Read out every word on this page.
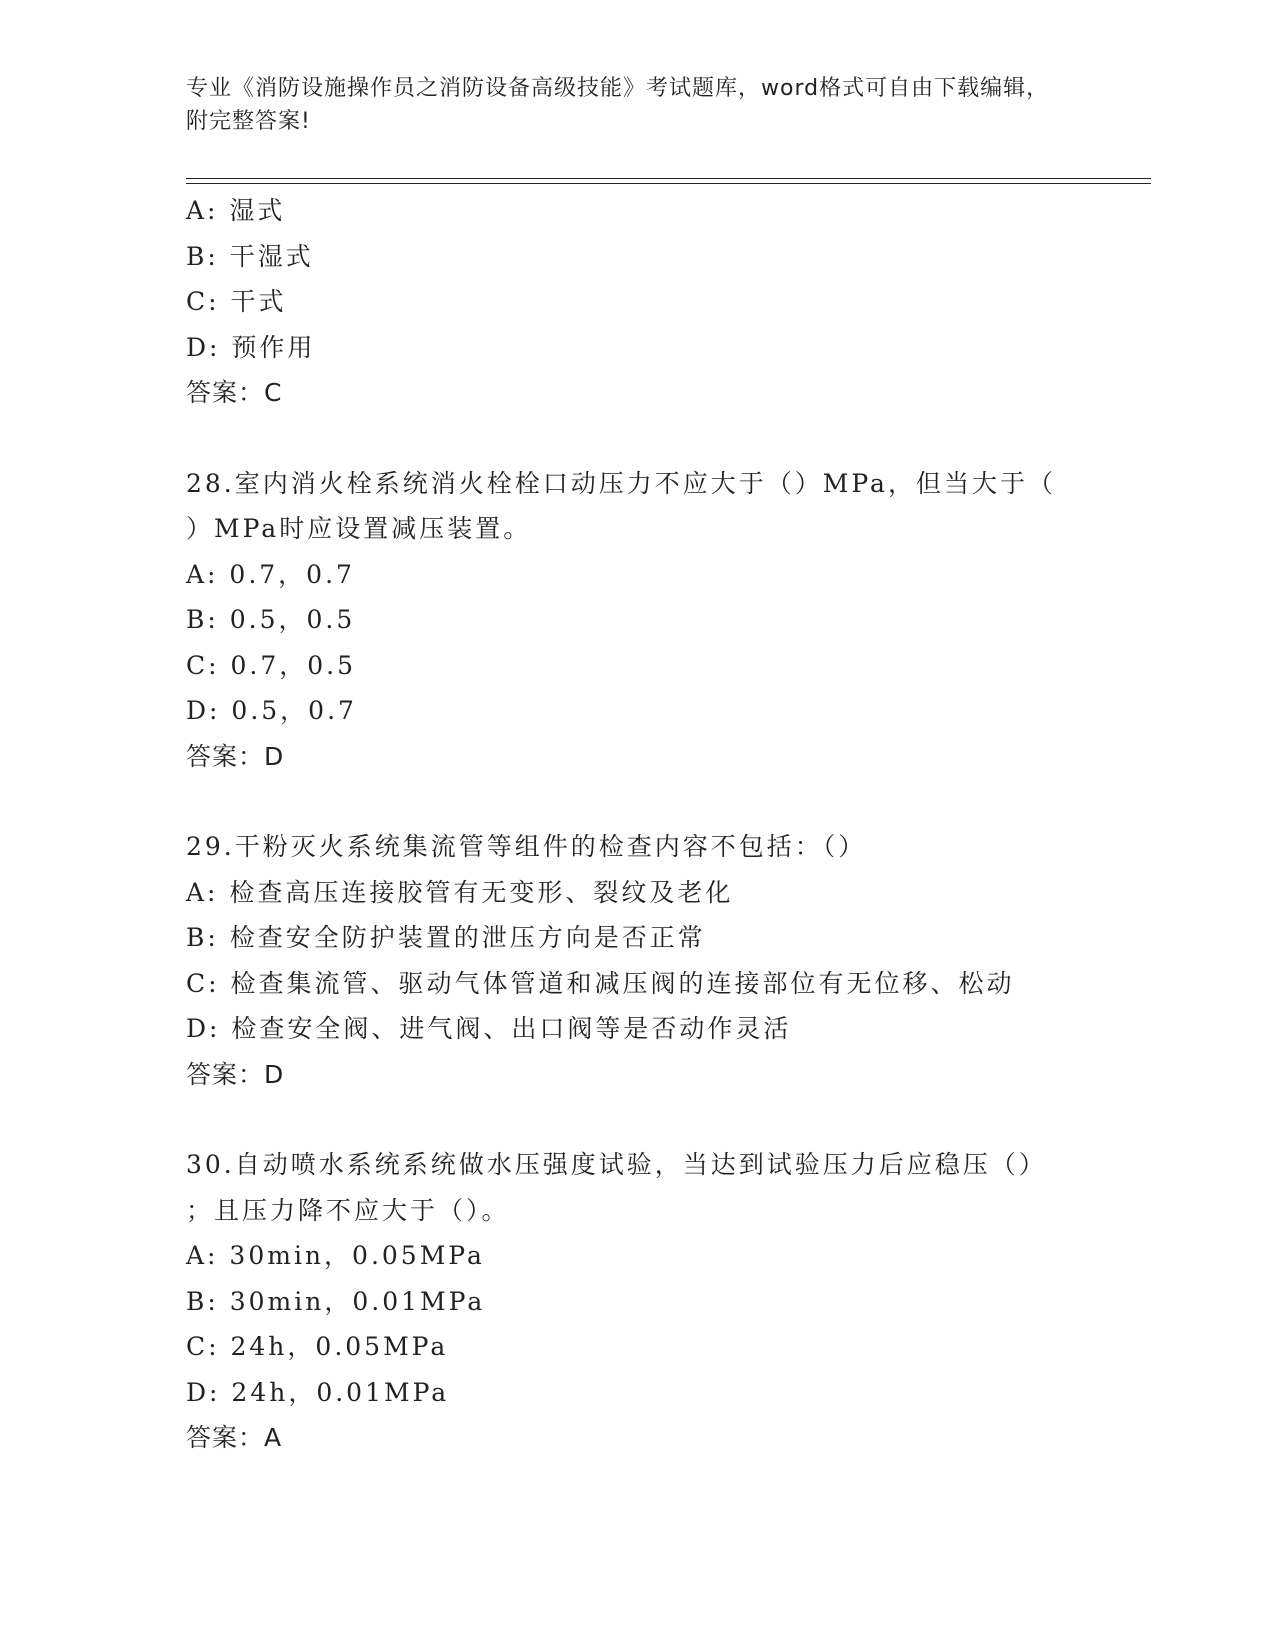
专业《消防设施操作员之消防设备高级技能》考试题库，word格式可自由下载编辑，附完整答案!
A: 湿式
B: 干湿式
C: 干式
D: 预作用
答案：C
28.室内消火栓系统消火栓栓口动压力不应大于（）MPa，但当大于（
）MPa时应设置减压装置。
A: 0.7，0.7
B: 0.5，0.5
C: 0.7，0.5
D: 0.5，0.7
答案：D
29.干粉灭火系统集流管等组件的检查内容不包括：（）
A: 检查高压连接胶管有无变形、裂纹及老化
B: 检查安全防护装置的泄压方向是否正常
C: 检查集流管、驱动气体管道和减压阀的连接部位有无位移、松动
D: 检查安全阀、进气阀、出口阀等是否动作灵活
答案：D
30.自动喷水系统系统做水压强度试验，当达到试验压力后应稳压（）
；且压力降不应大于（）。
A: 30min，0.05MPa
B: 30min，0.01MPa
C: 24h，0.05MPa
D: 24h，0.01MPa
答案：A
